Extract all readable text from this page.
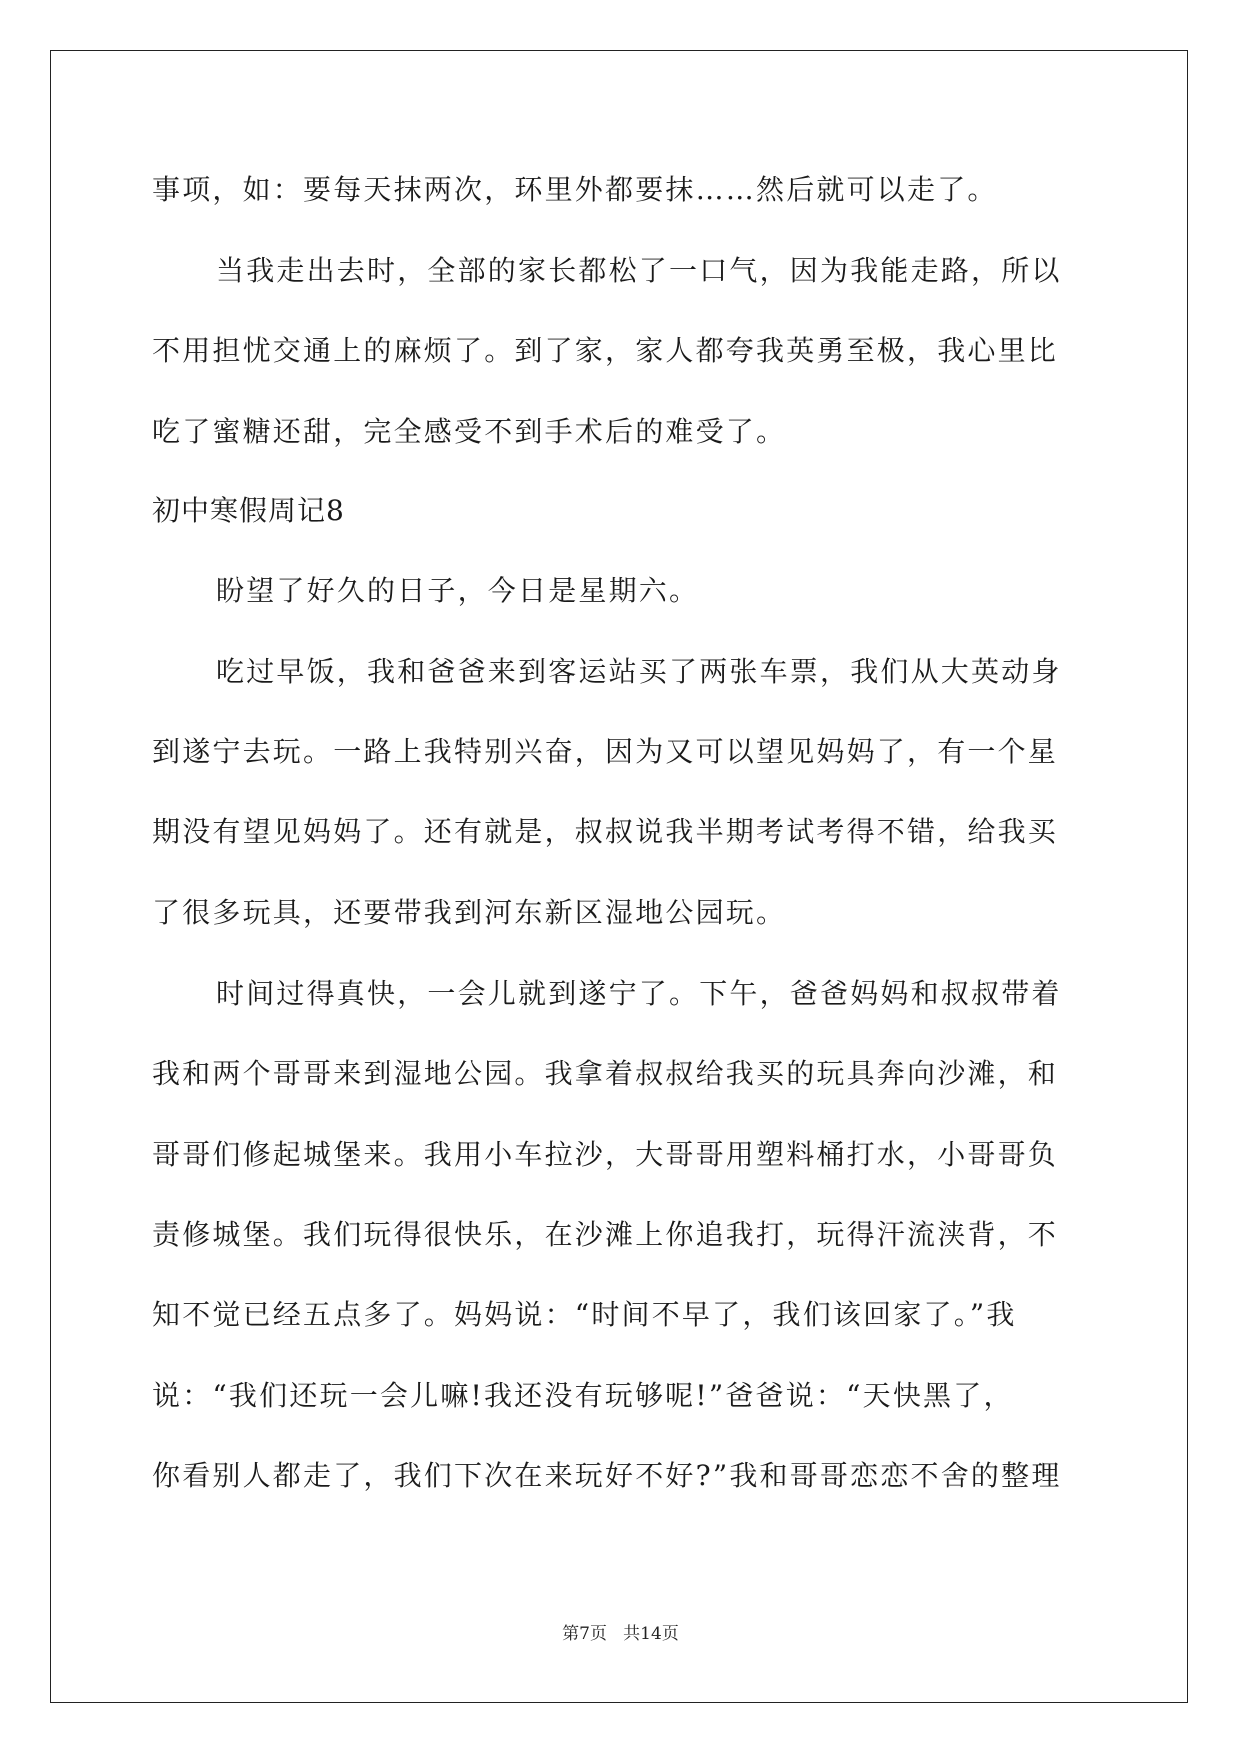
事项，如：要每天抹两次，环里外都要抹……然后就可以走了。
当我走出去时，全部的家长都松了一口气，因为我能走路，所以
不用担忧交通上的麻烦了。到了家，家人都夸我英勇至极，我心里比
吃了蜜糖还甜，完全感受不到手术后的难受了。
初中寒假周记8
盼望了好久的日子，今日是星期六。
吃过早饭，我和爸爸来到客运站买了两张车票，我们从大英动身
到遂宁去玩。一路上我特别兴奋，因为又可以望见妈妈了，有一个星
期没有望见妈妈了。还有就是，叔叔说我半期考试考得不错，给我买
了很多玩具，还要带我到河东新区湿地公园玩。
时间过得真快，一会儿就到遂宁了。下午，爸爸妈妈和叔叔带着
我和两个哥哥来到湿地公园。我拿着叔叔给我买的玩具奔向沙滩，和
哥哥们修起城堡来。我用小车拉沙，大哥哥用塑料桶打水，小哥哥负
责修城堡。我们玩得很快乐，在沙滩上你追我打，玩得汗流浃背，不
知不觉已经五点多了。妈妈说：“时间不早了，我们该回家了。”我
说：“我们还玩一会儿嘛!我还没有玩够呢!”爸爸说：“天快黑了，
你看别人都走了，我们下次在来玩好不好?”我和哥哥恋恋不舍的整理
第7页   共14页
